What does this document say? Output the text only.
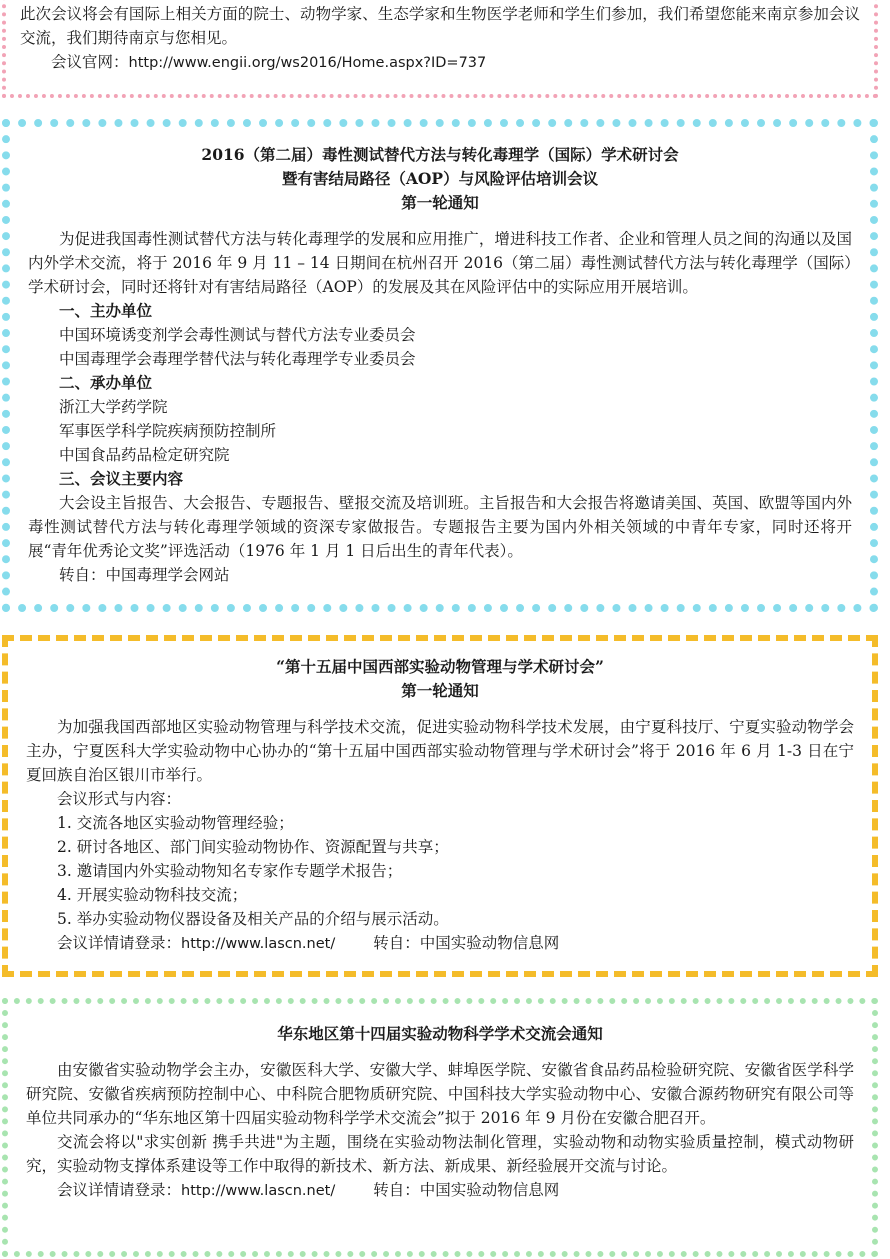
此次会议将会有国际上相关方面的院士、动物学家、生态学家和生物医学老师和学生们参加，我们希望您能来南京参加会议交流，我们期待南京与您相见。

会议官网：http://www.engii.org/ws2016/Home.aspx?ID=737

2016（第二届）毒性测试替代方法与转化毒理学（国际）学术研讨会

暨有害结局路径（AOP）与风险评估培训会议

第一轮通知

为促进我国毒性测试替代方法与转化毒理学的发展和应用推广，增进科技工作者、企业和管理人员之间的沟通以及国内外学术交流，将于 2016 年 9 月 11 – 14 日期间在杭州召开 2016（第二届）毒性测试替代方法与转化毒理学（国际）学术研讨会，同时还将针对有害结局路径（AOP）的发展及其在风险评估中的实际应用开展培训。

一、主办单位

中国环境诱变剂学会毒性测试与替代方法专业委员会

中国毒理学会毒理学替代法与转化毒理学专业委员会

二、承办单位

浙江大学药学院

军事医学科学院疾病预防控制所

中国食品药品检定研究院

三、会议主要内容

大会设主旨报告、大会报告、专题报告、壁报交流及培训班。主旨报告和大会报告将邀请美国、英国、欧盟等国内外毒性测试替代方法与转化毒理学领域的资深专家做报告。专题报告主要为国内外相关领域的中青年专家，同时还将开展“青年优秀论文奖”评选活动（1976 年 1 月 1 日后出生的青年代表）。

转自：中国毒理学会网站

“第十五届中国西部实验动物管理与学术研讨会”

第一轮通知

为加强我国西部地区实验动物管理与科学技术交流，促进实验动物科学技术发展，由宁夏科技厅、宁夏实验动物学会主办，宁夏医科大学实验动物中心协办的“第十五届中国西部实验动物管理与学术研讨会”将于 2016 年 6 月 1-3 日在宁夏回族自治区银川市举行。

会议形式与内容：

1. 交流各地区实验动物管理经验；

2. 研讨各地区、部门间实验动物协作、资源配置与共享；

3. 邀请国内外实验动物知名专家作专题学术报告；

4. 开展实验动物科技交流；

5. 举办实验动物仪器设备及相关产品的介绍与展示活动。

会议详情请登录：http://www.lascn.net/ 转自：中国实验动物信息网

华东地区第十四届实验动物科学学术交流会通知

由安徽省实验动物学会主办，安徽医科大学、安徽大学、蚌埠医学院、安徽省食品药品检验研究院、安徽省医学科学研究院、安徽省疾病预防控制中心、中科院合肥物质研究院、中国科技大学实验动物中心、安徽合源药物研究有限公司等单位共同承办的“华东地区第十四届实验动物科学学术交流会”拟于 2016 年 9 月份在安徽合肥召开。

交流会将以"求实创新 携手共进"为主题，围绕在实验动物法制化管理，实验动物和动物实验质量控制，模式动物研究，实验动物支撑体系建设等工作中取得的新技术、新方法、新成果、新经验展开交流与讨论。

会议详情请登录：http://www.lascn.net/ 转自：中国实验动物信息网
